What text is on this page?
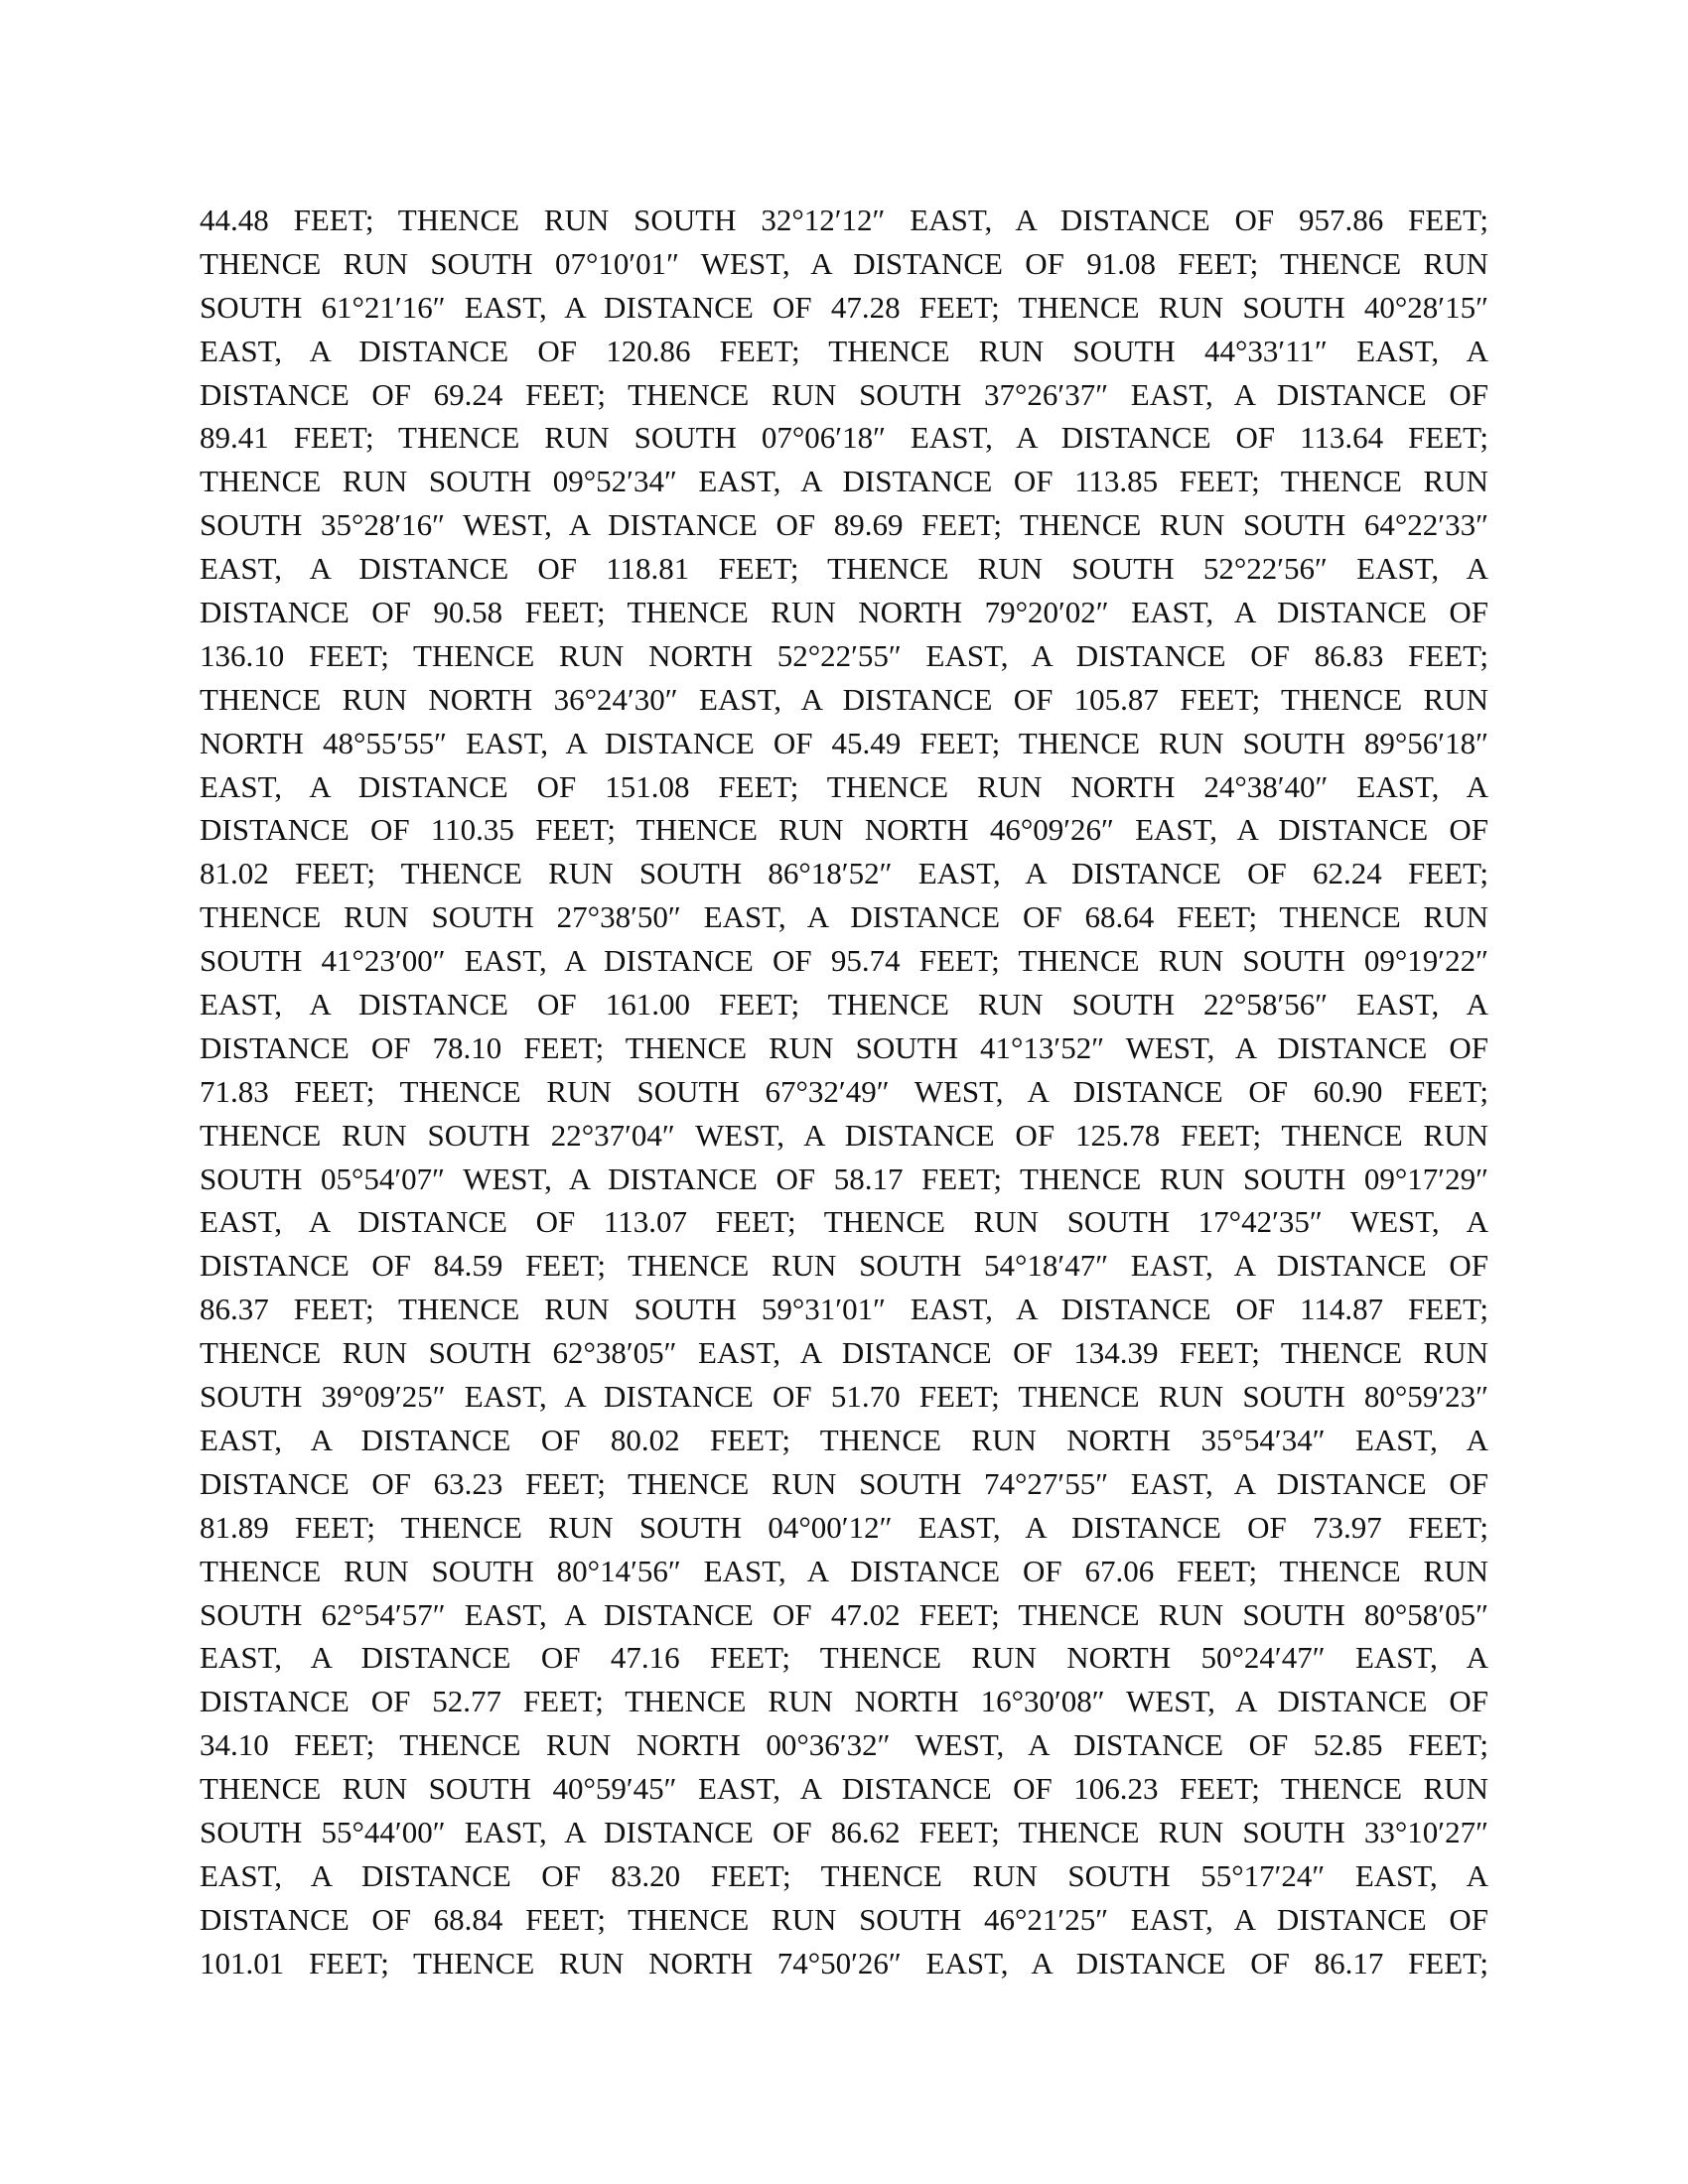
44.48 FEET; THENCE RUN SOUTH 32°12′12″ EAST, A DISTANCE OF 957.86 FEET;
THENCE RUN SOUTH 07°10′01″ WEST, A DISTANCE OF 91.08 FEET; THENCE RUN
SOUTH 61°21′16″ EAST, A DISTANCE OF 47.28 FEET; THENCE RUN SOUTH 40°28′15″
EAST, A DISTANCE OF 120.86 FEET; THENCE RUN SOUTH 44°33′11″ EAST, A
DISTANCE OF 69.24 FEET; THENCE RUN SOUTH 37°26′37″ EAST, A DISTANCE OF
89.41 FEET; THENCE RUN SOUTH 07°06′18″ EAST, A DISTANCE OF 113.64 FEET;
THENCE RUN SOUTH 09°52′34″ EAST, A DISTANCE OF 113.85 FEET; THENCE RUN
SOUTH 35°28′16″ WEST, A DISTANCE OF 89.69 FEET; THENCE RUN SOUTH 64°22′33″
EAST, A DISTANCE OF 118.81 FEET; THENCE RUN SOUTH 52°22′56″ EAST, A
DISTANCE OF 90.58 FEET; THENCE RUN NORTH 79°20′02″ EAST, A DISTANCE OF
136.10 FEET; THENCE RUN NORTH 52°22′55″ EAST, A DISTANCE OF 86.83 FEET;
THENCE RUN NORTH 36°24′30″ EAST, A DISTANCE OF 105.87 FEET; THENCE RUN
NORTH 48°55′55″ EAST, A DISTANCE OF 45.49 FEET; THENCE RUN SOUTH 89°56′18″
EAST, A DISTANCE OF 151.08 FEET; THENCE RUN NORTH 24°38′40″ EAST, A
DISTANCE OF 110.35 FEET; THENCE RUN NORTH 46°09′26″ EAST, A DISTANCE OF
81.02 FEET; THENCE RUN SOUTH 86°18′52″ EAST, A DISTANCE OF 62.24 FEET;
THENCE RUN SOUTH 27°38′50″ EAST, A DISTANCE OF 68.64 FEET; THENCE RUN
SOUTH 41°23′00″ EAST, A DISTANCE OF 95.74 FEET; THENCE RUN SOUTH 09°19′22″
EAST, A DISTANCE OF 161.00 FEET; THENCE RUN SOUTH 22°58′56″ EAST, A
DISTANCE OF 78.10 FEET; THENCE RUN SOUTH 41°13′52″ WEST, A DISTANCE OF
71.83 FEET; THENCE RUN SOUTH 67°32′49″ WEST, A DISTANCE OF 60.90 FEET;
THENCE RUN SOUTH 22°37′04″ WEST, A DISTANCE OF 125.78 FEET; THENCE RUN
SOUTH 05°54′07″ WEST, A DISTANCE OF 58.17 FEET; THENCE RUN SOUTH 09°17′29″
EAST, A DISTANCE OF 113.07 FEET; THENCE RUN SOUTH 17°42′35″ WEST, A
DISTANCE OF 84.59 FEET; THENCE RUN SOUTH 54°18′47″ EAST, A DISTANCE OF
86.37 FEET; THENCE RUN SOUTH 59°31′01″ EAST, A DISTANCE OF 114.87 FEET;
THENCE RUN SOUTH 62°38′05″ EAST, A DISTANCE OF 134.39 FEET; THENCE RUN
SOUTH 39°09′25″ EAST, A DISTANCE OF 51.70 FEET; THENCE RUN SOUTH 80°59′23″
EAST, A DISTANCE OF 80.02 FEET; THENCE RUN NORTH 35°54′34″ EAST, A
DISTANCE OF 63.23 FEET; THENCE RUN SOUTH 74°27′55″ EAST, A DISTANCE OF
81.89 FEET; THENCE RUN SOUTH 04°00′12″ EAST, A DISTANCE OF 73.97 FEET;
THENCE RUN SOUTH 80°14′56″ EAST, A DISTANCE OF 67.06 FEET; THENCE RUN
SOUTH 62°54′57″ EAST, A DISTANCE OF 47.02 FEET; THENCE RUN SOUTH 80°58′05″
EAST, A DISTANCE OF 47.16 FEET; THENCE RUN NORTH 50°24′47″ EAST, A
DISTANCE OF 52.77 FEET; THENCE RUN NORTH 16°30′08″ WEST, A DISTANCE OF
34.10 FEET; THENCE RUN NORTH 00°36′32″ WEST, A DISTANCE OF 52.85 FEET;
THENCE RUN SOUTH 40°59′45″ EAST, A DISTANCE OF 106.23 FEET; THENCE RUN
SOUTH 55°44′00″ EAST, A DISTANCE OF 86.62 FEET; THENCE RUN SOUTH 33°10′27″
EAST, A DISTANCE OF 83.20 FEET; THENCE RUN SOUTH 55°17′24″ EAST, A
DISTANCE OF 68.84 FEET; THENCE RUN SOUTH 46°21′25″ EAST, A DISTANCE OF
101.01 FEET; THENCE RUN NORTH 74°50′26″ EAST, A DISTANCE OF 86.17 FEET;
